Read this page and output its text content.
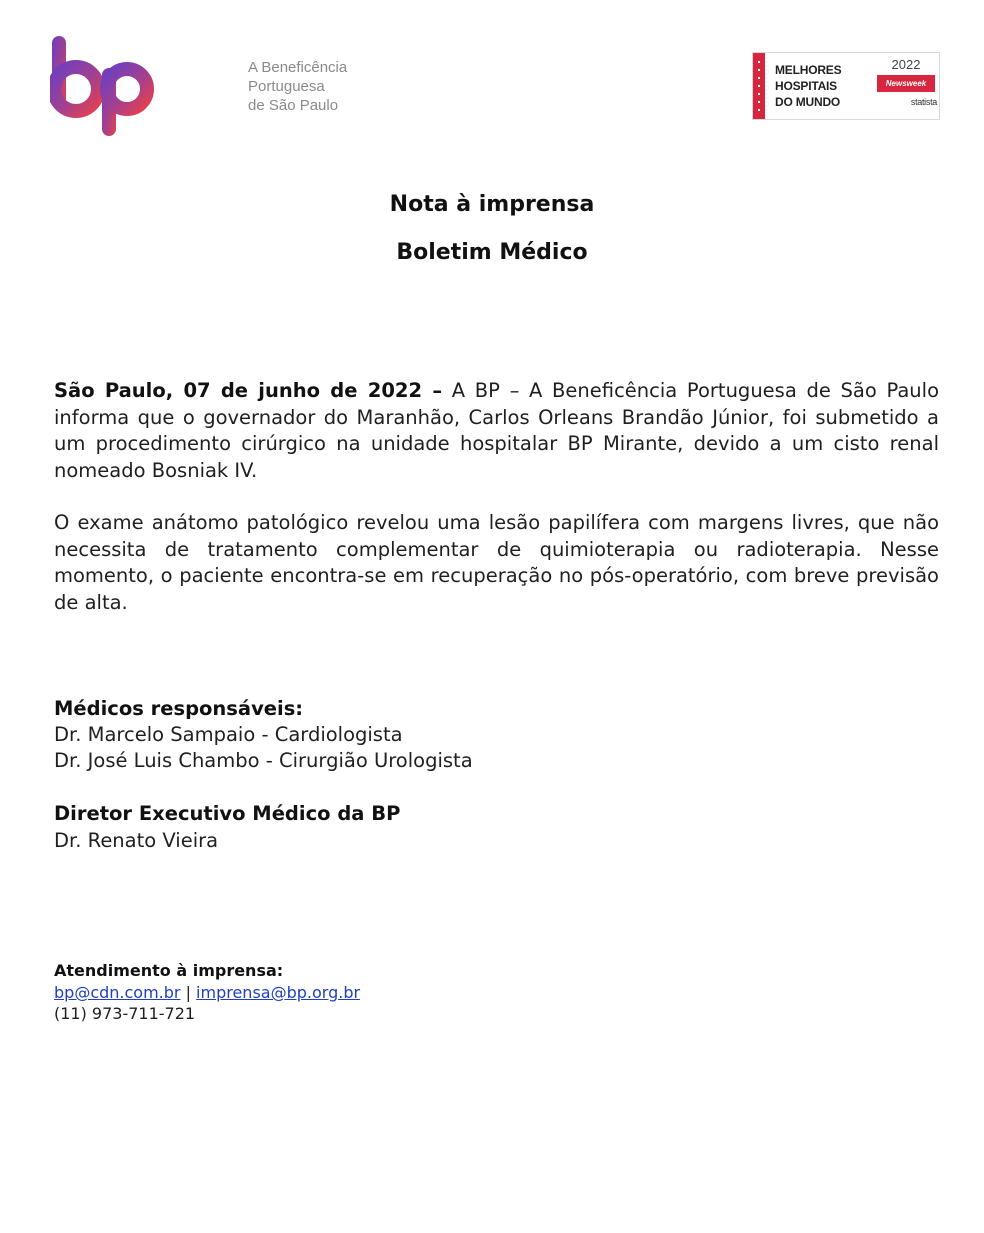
A Beneficência
Portuguesa
de São Paulo
MELHORES
HOSPITAIS
DO MUNDO
2022
Newsweek
statista
Nota à imprensa
Boletim Médico
São Paulo, 07 de junho de 2022 – A BP – A Beneficência Portuguesa de São Paulo informa que o governador do Maranhão, Carlos Orleans Brandão Júnior, foi submetido a um procedimento cirúrgico na unidade hospitalar BP Mirante, devido a um cisto renal nomeado Bosniak IV.
O exame anátomo patológico revelou uma lesão papilífera com margens livres, que não necessita de tratamento complementar de quimioterapia ou radioterapia. Nesse momento, o paciente encontra-se em recuperação no pós-operatório, com breve previsão de alta.
Médicos responsáveis:
Dr. Marcelo Sampaio - Cardiologista
Dr. José Luis Chambo - Cirurgião Urologista
Diretor Executivo Médico da BP
Dr. Renato Vieira
Atendimento à imprensa:
bp@cdn.com.br | imprensa@bp.org.br
(11) 973-711-721
